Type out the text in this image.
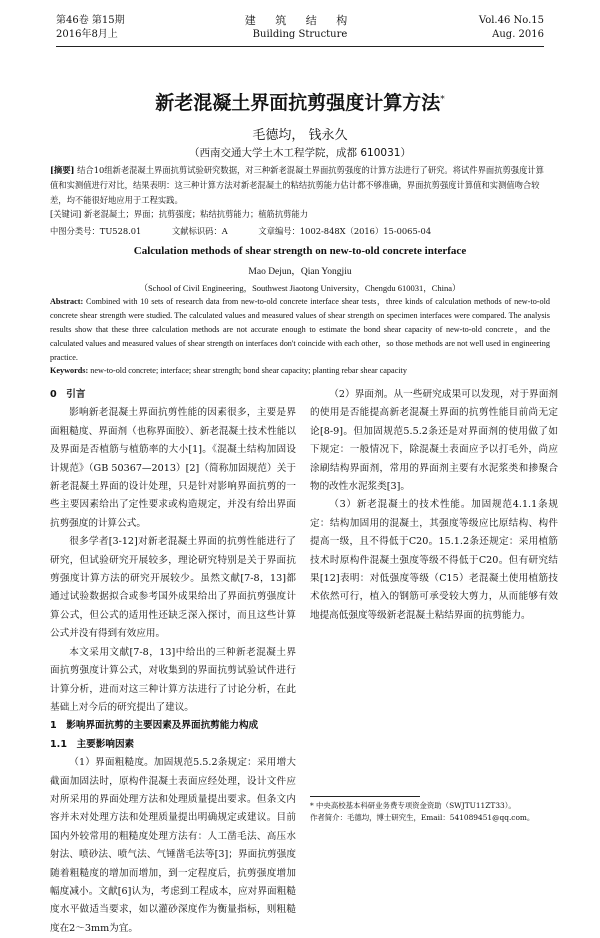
第46卷 第15期
2016年8月上
建 筑 结 构
Building Structure
Vol.46 No.15
Aug. 2016
新老混凝土界面抗剪强度计算方法*
毛德均， 钱永久
（西南交通大学土木工程学院，成都 610031）
[摘要] 结合10组新老混凝土界面抗剪试验研究数据，对三种新老混凝土界面抗剪强度的计算方法进行了研究。将试件界面抗剪强度计算值和实测值进行对比，结果表明：这三种计算方法对新老混凝土的粘结抗剪能力估计都不够准确，界面抗剪强度计算值和实测值吻合较差，均不能很好地应用于工程实践。
[关键词] 新老混凝土；界面；抗剪强度；粘结抗剪能力；植筋抗剪能力
中图分类号：TU528.01	文献标识码：A	文章编号：1002-848X（2016）15-0065-04
Calculation methods of shear strength on new-to-old concrete interface
Mao Dejun，Qian Yongjiu
（School of Civil Engineering，Southwest Jiaotong University，Chengdu 610031，China）
Abstract: Combined with 10 sets of research data from new-to-old concrete interface shear tests，three kinds of calculation methods of new-to-old concrete shear strength were studied. The calculated values and measured values of shear strength on specimen interfaces were compared. The analysis results show that these three calculation methods are not accurate enough to estimate the bond shear capacity of new-to-old concrete，and the calculated values and measured values of shear strength on interfaces don't coincide with each other，so those methods are not well used in engineering practice.
Keywords: new-to-old concrete; interface; shear strength; bond shear capacity; planting rebar shear capacity

0　引言

影响新老混凝土界面抗剪性能的因素很多，主要是界面粗糙度、界面剂（也称界面胶）、新老混凝土技术性能以及界面是否植筋与植筋率的大小[1]。《混凝土结构加固设计规范》（GB 50367—2013）[2]（简称加固规范）关于新老混凝土界面的设计处理，只是针对影响界面抗剪的一些主要因素给出了定性要求或构造规定，并没有给出界面抗剪强度的计算公式。

很多学者[3-12]对新老混凝土界面的抗剪性能进行了研究，但试验研究开展较多，理论研究特别是关于界面抗剪强度计算方法的研究开展较少。虽然文献[7-8，13]都通过试验数据拟合或参考国外成果给出了界面抗剪强度计算公式，但公式的适用性还缺乏深入探讨，而且这些计算公式并没有得到有效应用。

本文采用文献[7-8，13]中给出的三种新老混凝土界面抗剪强度计算公式，对收集到的界面抗剪试验试件进行计算分析，进而对这三种计算方法进行了讨论分析，在此基础上对今后的研究提出了建议。

1　影响界面抗剪的主要因素及界面抗剪能力构成

1.1　主要影响因素

（1）界面粗糙度。加固规范5.5.2条规定：采用增大截面加固法时，原构件混凝土表面应经处理，设计文件应对所采用的界面处理方法和处理质量提出要求。但条文内容并未对处理方法和处理质量提出明确规定或建议。目前国内外较常用的粗糙度处理方法有：人工凿毛法、高压水射法、喷砂法、喷气法、气锤凿毛法等[3]；界面抗剪强度随着粗糙度的增加而增加，到一定程度后，抗剪强度增加幅度减小。文献[6]认为，考虑到工程成本，应对界面粗糙度水平做适当要求，如以灌砂深度作为衡量指标，则粗糙度在2～3mm为宜。

（2）界面剂。从一些研究成果可以发现，对于界面剂的使用是否能提高新老混凝土界面的抗剪性能目前尚无定论[8-9]。但加固规范5.5.2条还是对界面剂的使用做了如下规定：一般情况下，除混凝土表面应予以打毛外，尚应涂刷结构界面剂，常用的界面剂主要有水泥浆类和掺聚合物的改性水泥浆类[3]。

（3）新老混凝土的技术性能。加固规范4.1.1条规定：结构加固用的混凝土，其强度等级应比原结构、构件提高一级，且不得低于C20。15.1.2条还规定：采用植筋技术时原构件混凝土强度等级不得低于C20。但有研究结果[12]表明：对低强度等级（C15）老混凝土使用植筋技术依然可行，植入的钢筋可承受较大剪力，从而能够有效地提高低强度等级新老混凝土粘结界面的抗剪能力。

* 中央高校基本科研业务费专项资金资助（SWJTU11ZT33）。
作者简介：毛德均，博士研究生，Email：541089451@qq.com。
